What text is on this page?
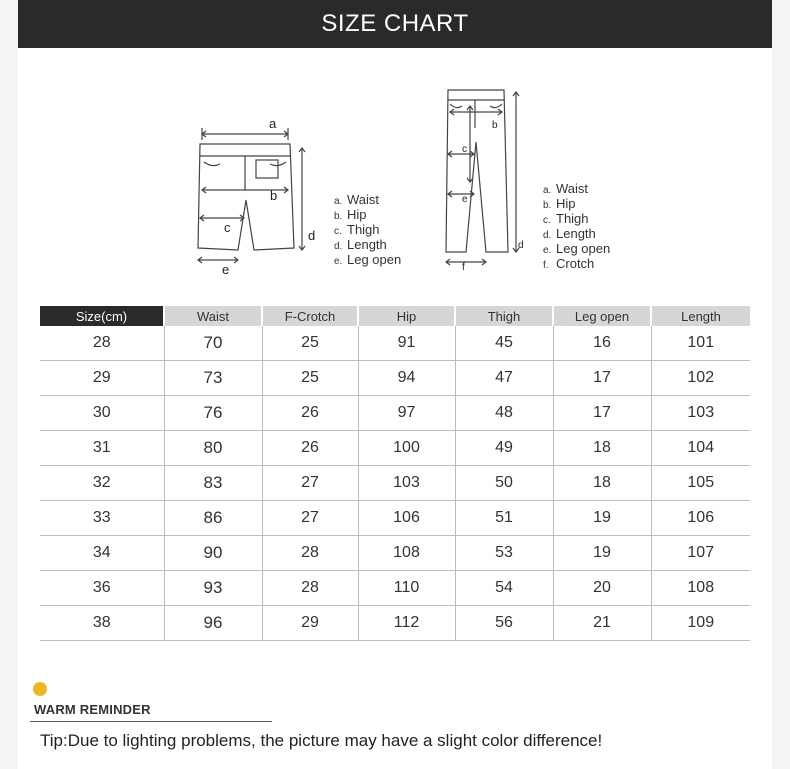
SIZE CHART
a
b
c
d
e
a. Waist
b. Hip
c. Thigh
d. Length
e. Leg open
b
c
e
d
f
a. Waist
b. Hip
c. Thigh
d. Length
e. Leg open
f. Crotch
Size(cm)	Waist	F-Crotch	Hip	Thigh	Leg open	Length
28	70	25	91	45	16	101
29	73	25	94	47	17	102
30	76	26	97	48	17	103
31	80	26	100	49	18	104
32	83	27	103	50	18	105
33	86	27	106	51	19	106
34	90	28	108	53	19	107
36	93	28	110	54	20	108
38	96	29	112	56	21	109
WARM REMINDER
Tip:Due to lighting problems, the picture may have a slight color difference!
